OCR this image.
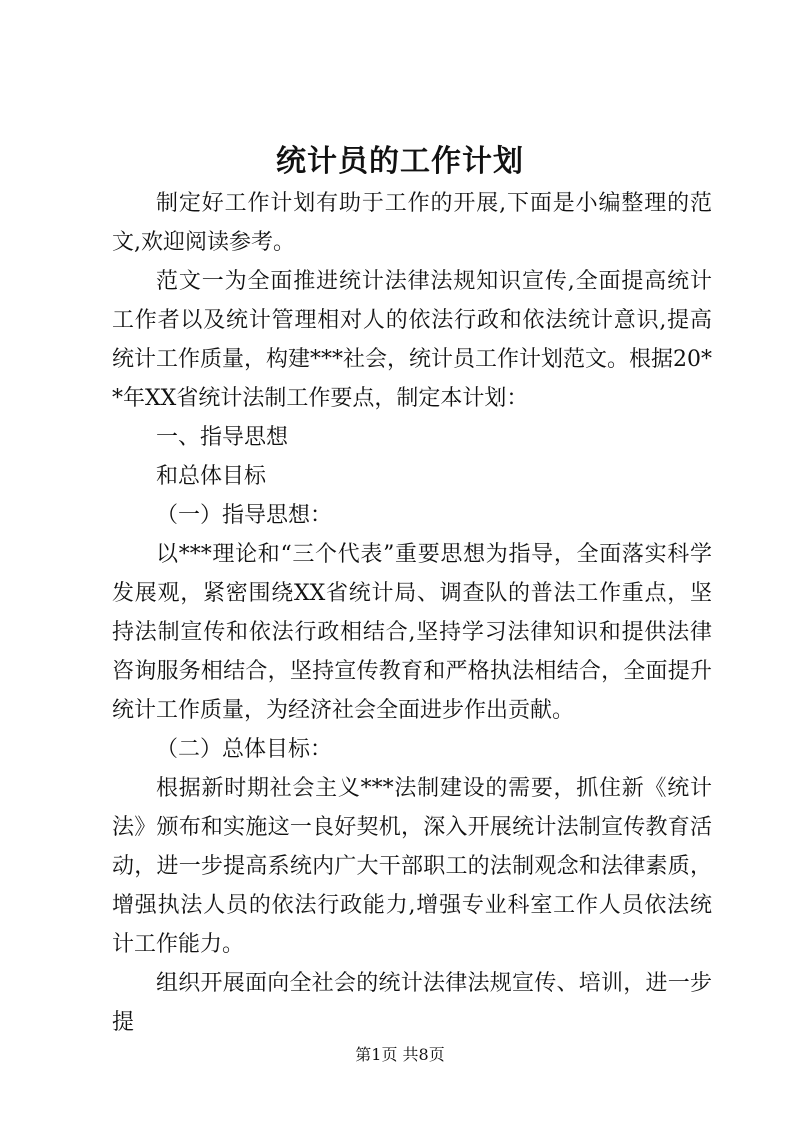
统计员的工作计划

制定好工作计划有助于工作的开展,下面是小编整理的范文,欢迎阅读参考。

范文一为全面推进统计法律法规知识宣传,全面提高统计工作者以及统计管理相对人的依法行政和依法统计意识,提高统计工作质量，构建***社会，统计员工作计划范文。根据20**年XX省统计法制工作要点，制定本计划：

一、指导思想

和总体目标

（一）指导思想：

以***理论和“三个代表”重要思想为指导，全面落实科学发展观，紧密围绕XX省统计局、调查队的普法工作重点，坚持法制宣传和依法行政相结合,坚持学习法律知识和提供法律咨询服务相结合，坚持宣传教育和严格执法相结合，全面提升统计工作质量，为经济社会全面进步作出贡献。

（二）总体目标：

根据新时期社会主义***法制建设的需要，抓住新《统计法》颁布和实施这一良好契机，深入开展统计法制宣传教育活动，进一步提高系统内广大干部职工的法制观念和法律素质，增强执法人员的依法行政能力,增强专业科室工作人员依法统计工作能力。

组织开展面向全社会的统计法律法规宣传、培训，进一步提

第1页 共8页
